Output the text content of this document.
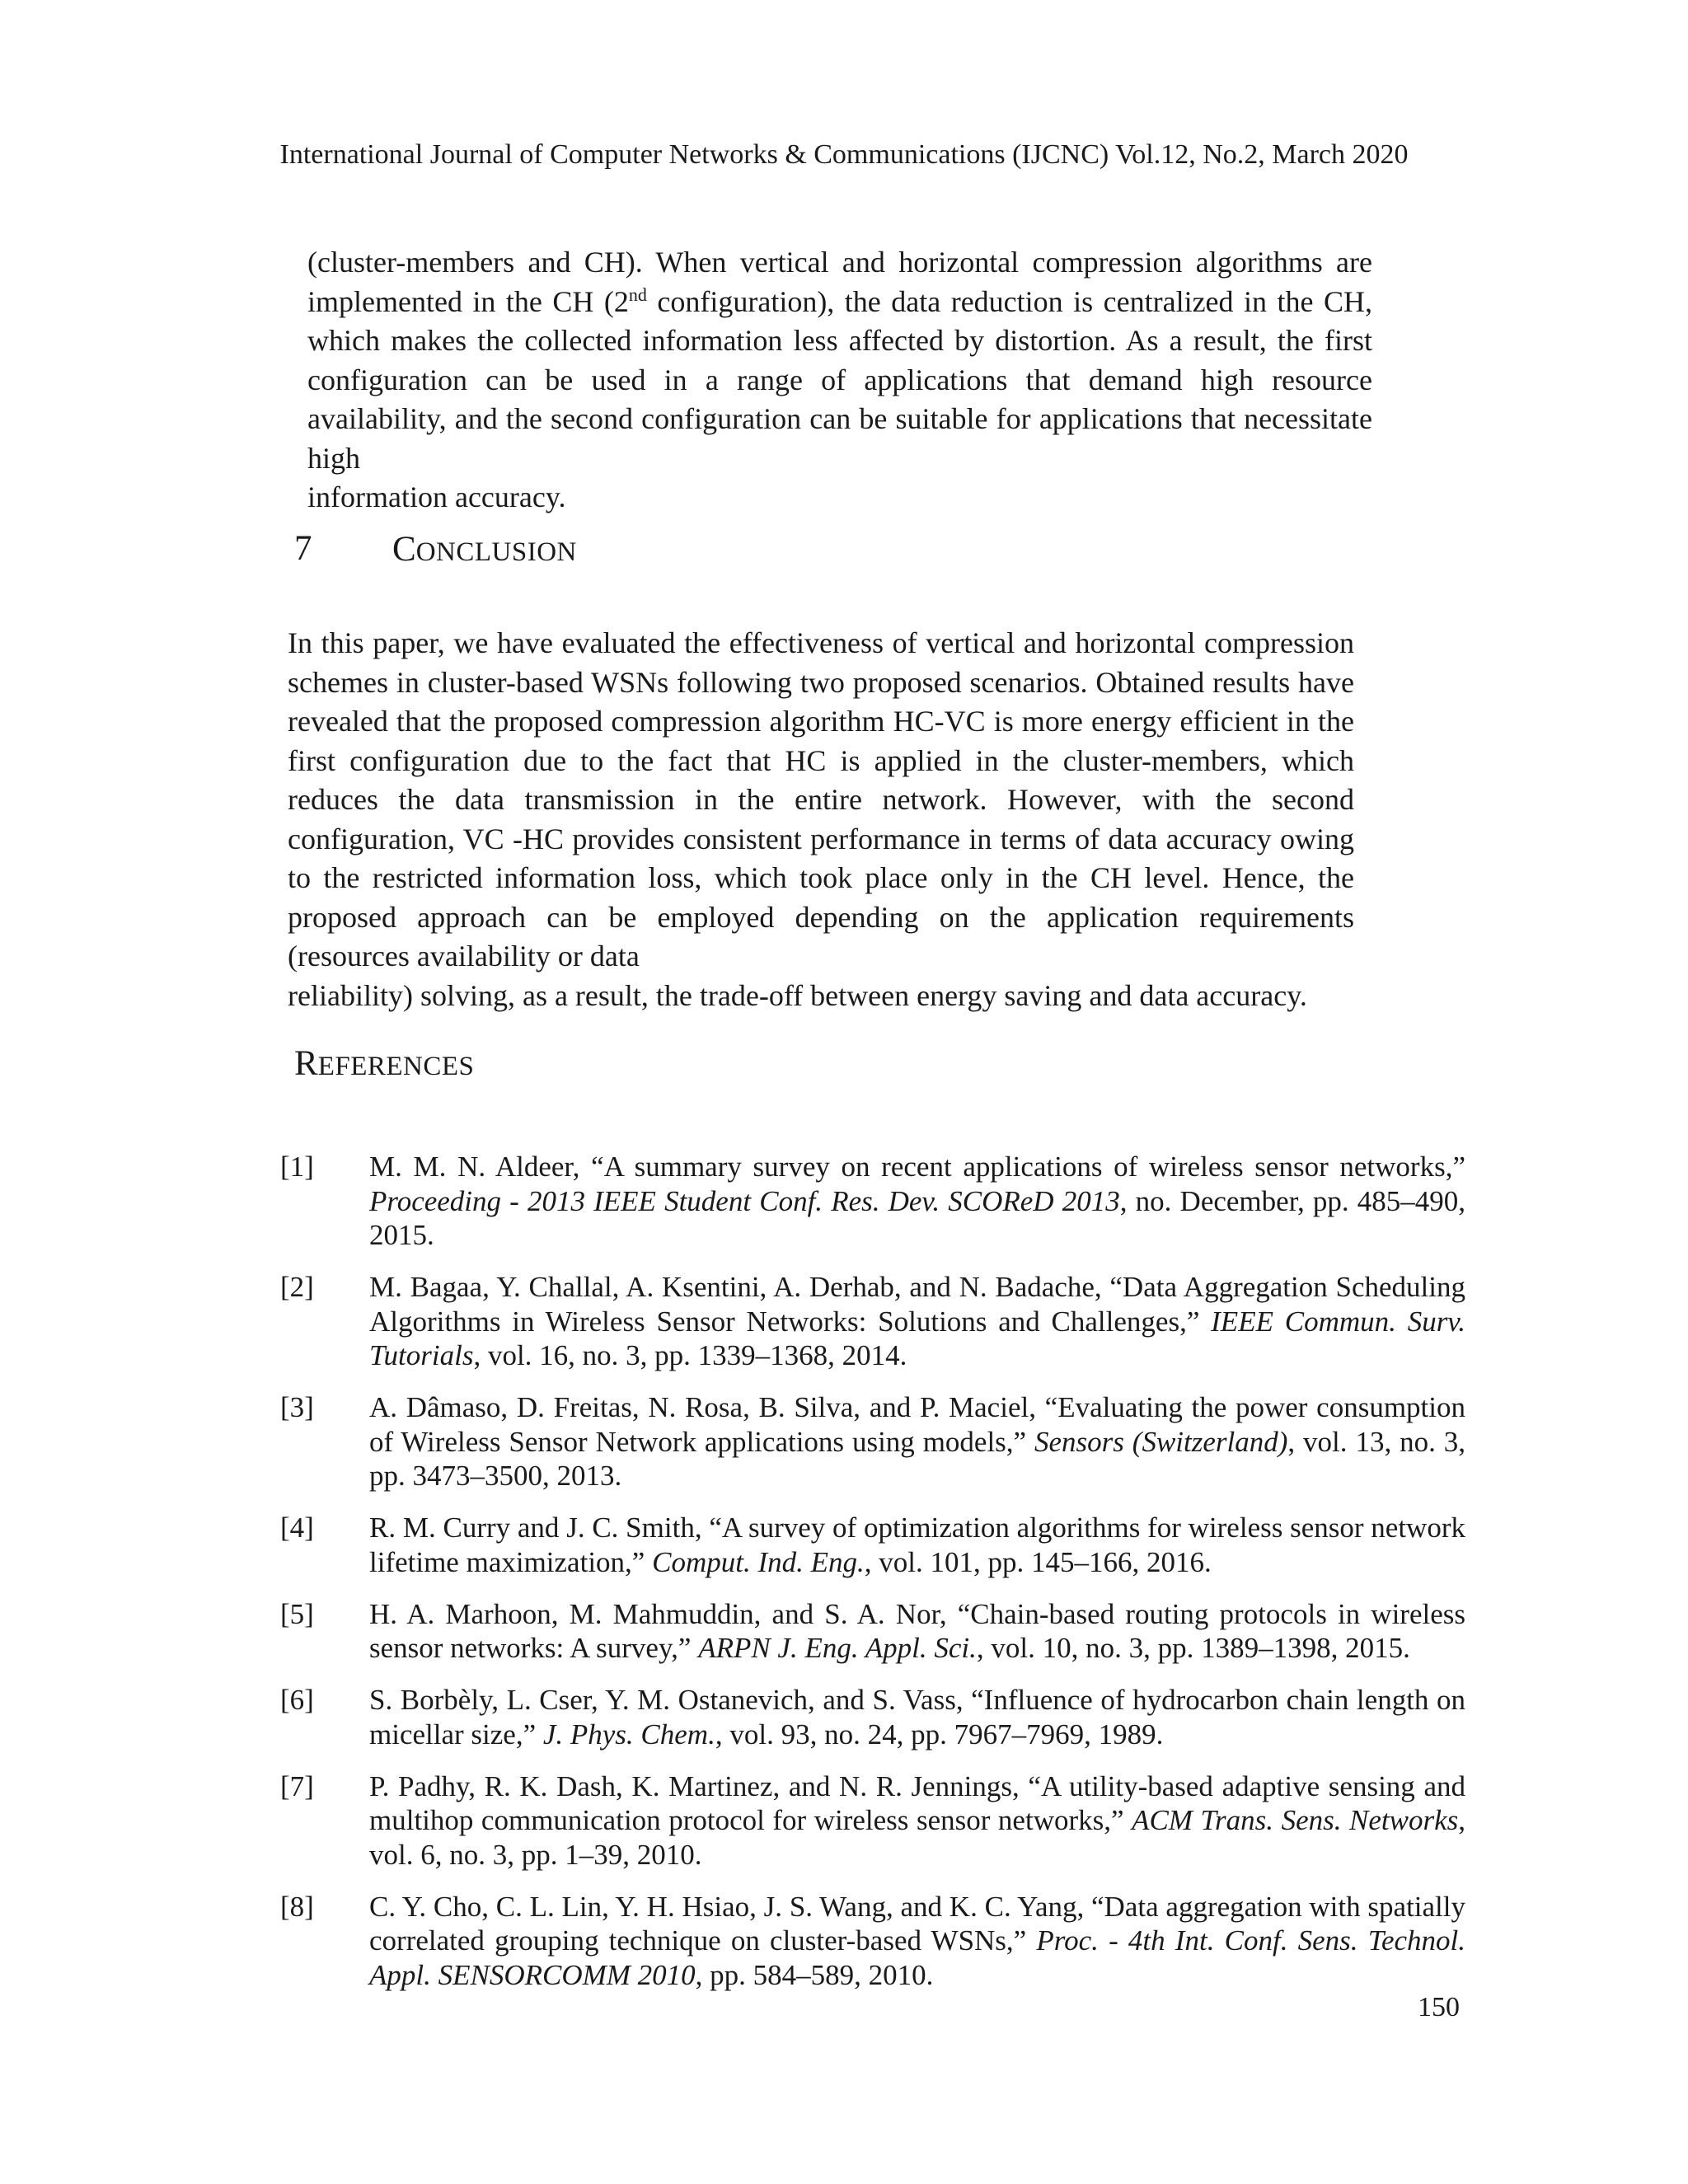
International Journal of Computer Networks & Communications (IJCNC) Vol.12, No.2, March 2020

(cluster-members and CH). When vertical and horizontal compression algorithms are implemented in the CH (2nd configuration), the data reduction is centralized in the CH, which makes the collected information less affected by distortion. As a result, the first configuration can be used in a range of applications that demand high resource availability, and the second configuration can be suitable for applications that necessitate high
information accuracy.

7 CONCLUSION

In this paper, we have evaluated the effectiveness of vertical and horizontal compression schemes in cluster-based WSNs following two proposed scenarios. Obtained results have revealed that the proposed compression algorithm HC-VC is more energy efficient in the first configuration due to the fact that HC is applied in the cluster-members, which reduces the data transmission in the entire network. However, with the second configuration, VC -HC provides consistent performance in terms of data accuracy owing to the restricted information loss, which took place only in the CH level. Hence, the proposed approach can be employed depending on the application requirements (resources availability or data
reliability) solving, as a result, the trade-off between energy saving and data accuracy.

REFERENCES
[1]	M. M. N. Aldeer, “A summary survey on recent applications of wireless sensor networks,” Proceeding - 2013 IEEE Student Conf. Res. Dev. SCOReD 2013, no. December, pp. 485–490, 2015.
[2]	M. Bagaa, Y. Challal, A. Ksentini, A. Derhab, and N. Badache, “Data Aggregation Scheduling Algorithms in Wireless Sensor Networks: Solutions and Challenges,” IEEE Commun. Surv. Tutorials, vol. 16, no. 3, pp. 1339–1368, 2014.
[3]	A. Dâmaso, D. Freitas, N. Rosa, B. Silva, and P. Maciel, “Evaluating the power consumption of Wireless Sensor Network applications using models,” Sensors (Switzerland), vol. 13, no. 3, pp. 3473–3500, 2013.
[4]	R. M. Curry and J. C. Smith, “A survey of optimization algorithms for wireless sensor network lifetime maximization,” Comput. Ind. Eng., vol. 101, pp. 145–166, 2016.
[5]	H. A. Marhoon, M. Mahmuddin, and S. A. Nor, “Chain-based routing protocols in wireless sensor networks: A survey,” ARPN J. Eng. Appl. Sci., vol. 10, no. 3, pp. 1389–1398, 2015.
[6]	S. Borbèly, L. Cser, Y. M. Ostanevich, and S. Vass, “Influence of hydrocarbon chain length on micellar size,” J. Phys. Chem., vol. 93, no. 24, pp. 7967–7969, 1989.
[7]	P. Padhy, R. K. Dash, K. Martinez, and N. R. Jennings, “A utility-based adaptive sensing and multihop communication protocol for wireless sensor networks,” ACM Trans. Sens. Networks, vol. 6, no. 3, pp. 1–39, 2010.
[8]	C. Y. Cho, C. L. Lin, Y. H. Hsiao, J. S. Wang, and K. C. Yang, “Data aggregation with spatially correlated grouping technique on cluster-based WSNs,” Proc. - 4th Int. Conf. Sens. Technol. Appl. SENSORCOMM 2010, pp. 584–589, 2010.
150
